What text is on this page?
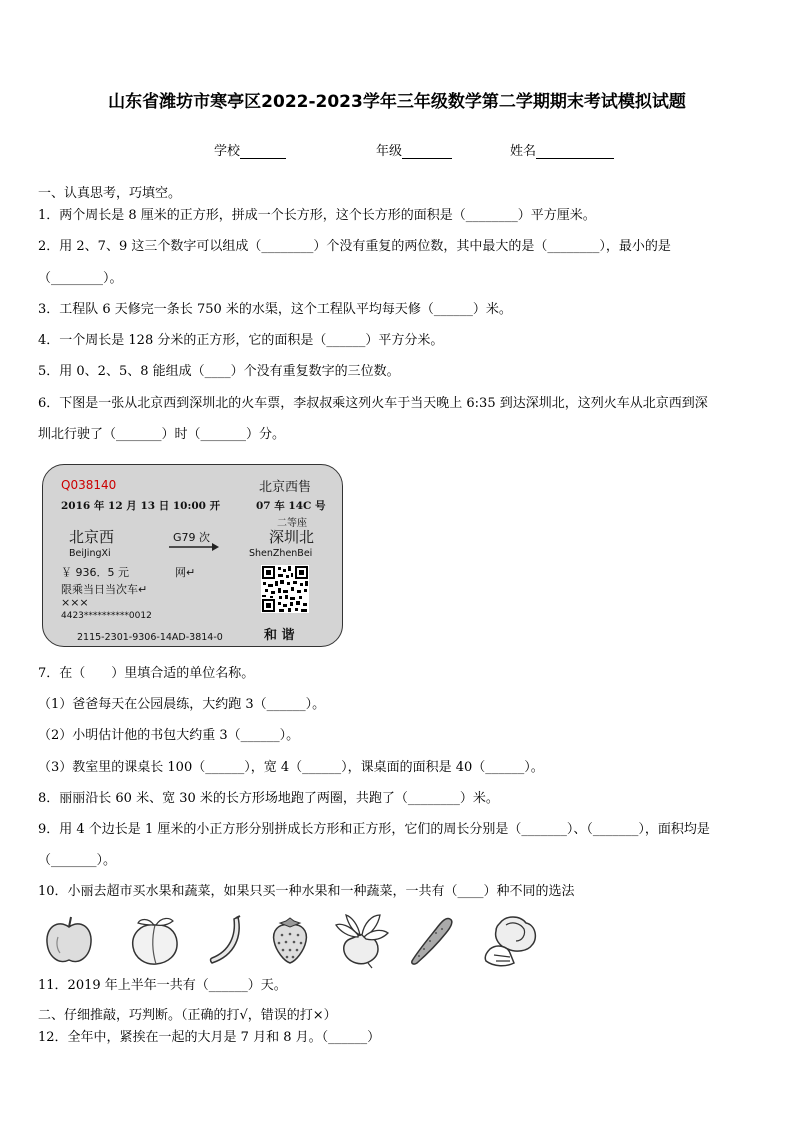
山东省潍坊市寒亭区2022-2023学年三年级数学第二学期期末考试模拟试题
学校	年级	姓名
一、认真思考，巧填空。
1．两个周长是 8 厘米的正方形，拼成一个长方形，这个长方形的面积是（________）平方厘米。
2．用 2、7、9 这三个数字可以组成（________）个没有重复的两位数，其中最大的是（________），最小的是
（________）。
3．工程队 6 天修完一条长 750 米的水渠，这个工程队平均每天修（______）米。
4．一个周长是 128 分米的正方形，它的面积是（______）平方分米。
5．用 0、2、5、8 能组成（____）个没有重复数字的三位数。
6．下图是一张从北京西到深圳北的火车票，李叔叔乘这列火车于当天晚上 6:35 到达深圳北，这列火车从北京西到深
圳北行驶了（_______）时（_______）分。
Q038140	北京西售
2016 年 12 月 13 日 10:00 开	07 车 14C 号
二等座
北京西	G79 次	深圳北
BeiJingXi	ShenZhenBei
￥ 936．5 元	网↵
限乘当日当次车↵
×××
4423**********0012
2115-2301-9306-14AD-3814-0	和 谐
7．在（　　）里填合适的单位名称。
（1）爸爸每天在公园晨练，大约跑 3（______）。
（2）小明估计他的书包大约重 3（______）。
（3）教室里的课桌长 100（______），宽 4（______），课桌面的面积是 40（______）。
8．丽丽沿长 60 米、宽 30 米的长方形场地跑了两圈，共跑了（________）米。
9．用 4 个边长是 1 厘米的小正方形分别拼成长方形和正方形，它们的周长分别是（_______）、（_______），面积均是
（_______）。
10．小丽去超市买水果和蔬菜，如果只买一种水果和一种蔬菜，一共有（____）种不同的选法
11．2019 年上半年一共有（______）天。
二、仔细推敲，巧判断。（正确的打√，错误的打×）
12．全年中，紧挨在一起的大月是 7 月和 8 月。（______）
